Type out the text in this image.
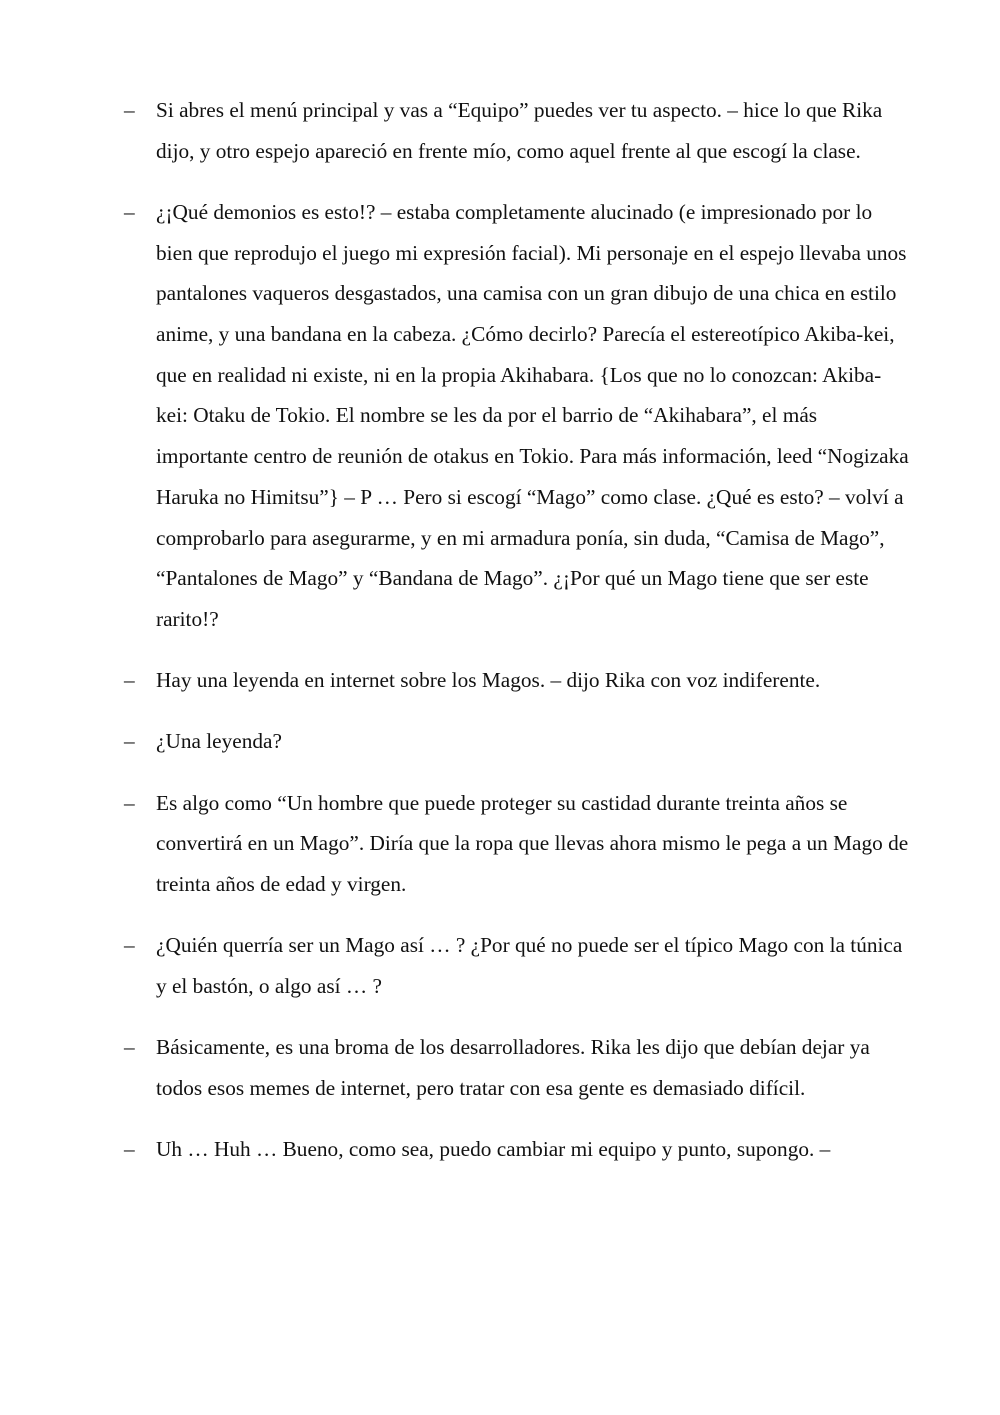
–	Si abres el menú principal y vas a “Equipo” puedes ver tu aspecto. – hice lo que Rika dijo, y otro espejo apareció en frente mío, como aquel frente al que escogí la clase.
–	¿¡Qué demonios es esto!? – estaba completamente alucinado (e impresionado por lo bien que reprodujo el juego mi expresión facial). Mi personaje en el espejo llevaba unos pantalones vaqueros desgastados, una camisa con un gran dibujo de una chica en estilo anime, y una bandana en la cabeza. ¿Cómo decirlo? Parecía el estereotípico Akiba-kei, que en realidad ni existe, ni en la propia Akihabara. {Los que no lo conozcan: Akiba-kei: Otaku de Tokio. El nombre se les da por el barrio de “Akihabara”, el más importante centro de reunión de otakus en Tokio. Para más información, leed “Nogizaka Haruka no Himitsu”} – P … Pero si escogí “Mago” como clase. ¿Qué es esto? – volví a comprobarlo para asegurarme, y en mi armadura ponía, sin duda, “Camisa de Mago”, “Pantalones de Mago” y “Bandana de Mago”. ¿¡Por qué un Mago tiene que ser este rarito!?
–	Hay una leyenda en internet sobre los Magos. – dijo Rika con voz indiferente.
–	¿Una leyenda?
–	Es algo como “Un hombre que puede proteger su castidad durante treinta años se convertirá en un Mago”. Diría que la ropa que llevas ahora mismo le pega a un Mago de treinta años de edad y virgen.
–	¿Quién querría ser un Mago así … ? ¿Por qué no puede ser el típico Mago con la túnica y el bastón, o algo así … ?
–	Básicamente, es una broma de los desarrolladores. Rika les dijo que debían dejar ya todos esos memes de internet, pero tratar con esa gente es demasiado difícil.
–	Uh … Huh … Bueno, como sea, puedo cambiar mi equipo y punto, supongo. –
